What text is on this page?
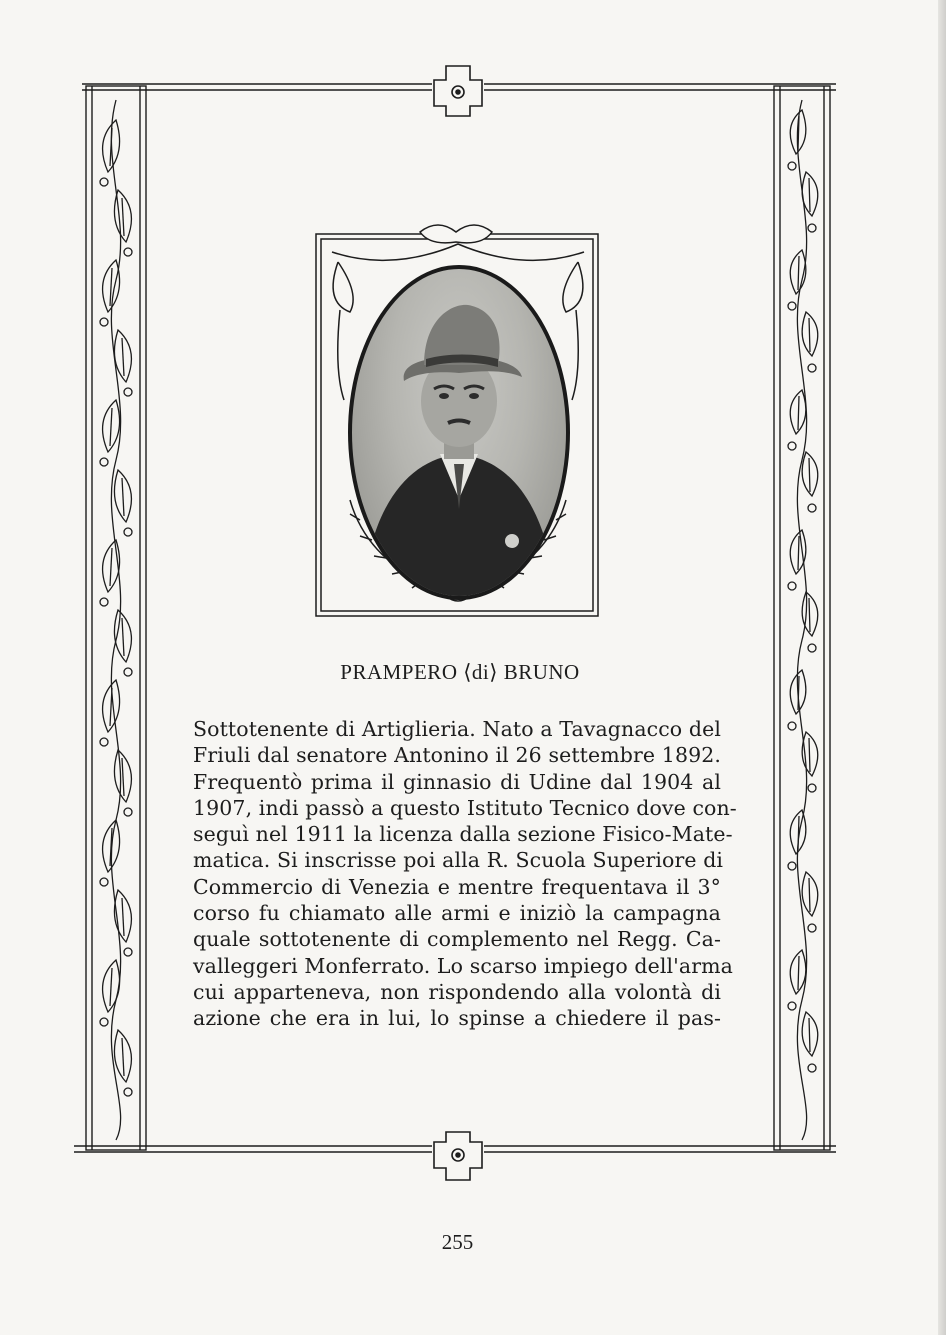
PRAMPERO ⟨di⟩ BRUNO
Sottotenente di Artiglieria. Nato a Tavagnacco del
Friuli dal senatore Antonino il 26 settembre 1892.
Frequentò prima il ginnasio di Udine dal 1904 al
1907, indi passò a questo Istituto Tecnico dove con-
seguì nel 1911 la licenza dalla sezione Fisico-Mate-
matica. Si inscrisse poi alla R. Scuola Superiore di
Commercio di Venezia e mentre frequentava il 3°
corso fu chiamato alle armi e iniziò la campagna
quale sottotenente di complemento nel Regg. Ca-
valleggeri Monferrato. Lo scarso impiego dell'arma
cui apparteneva, non rispondendo alla volontà di
azione che era in lui, lo spinse a chiedere il pas-
255
